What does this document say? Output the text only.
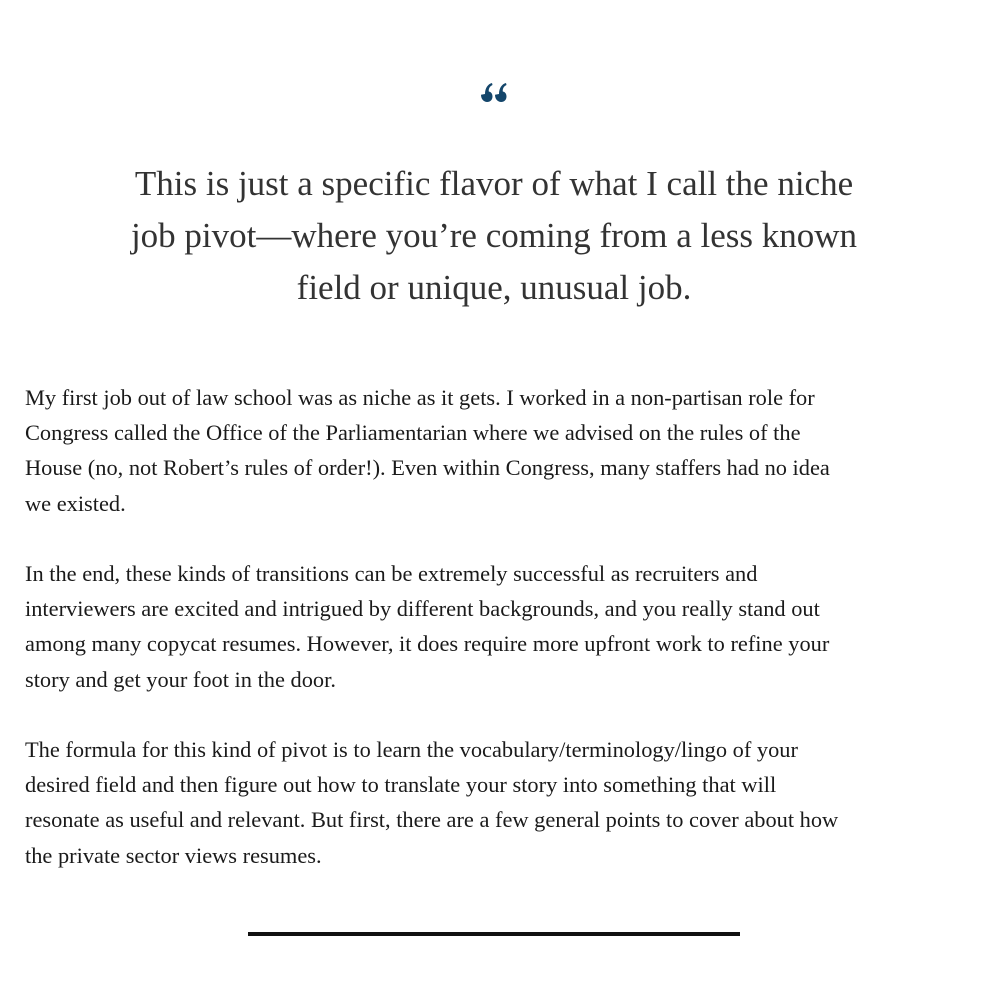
This is just a specific flavor of what I call the niche
job pivot—where you’re coming from a less known
field or unique, unusual job.

My first job out of law school was as niche as it gets. I worked in a non-partisan role for
Congress called the Office of the Parliamentarian where we advised on the rules of the
House (no, not Robert’s rules of order!). Even within Congress, many staffers had no idea
we existed.

In the end, these kinds of transitions can be extremely successful as recruiters and
interviewers are excited and intrigued by different backgrounds, and you really stand out
among many copycat resumes. However, it does require more upfront work to refine your
story and get your foot in the door.

The formula for this kind of pivot is to learn the vocabulary/terminology/lingo of your
desired field and then figure out how to translate your story into something that will
resonate as useful and relevant. But first, there are a few general points to cover about how
the private sector views resumes.
